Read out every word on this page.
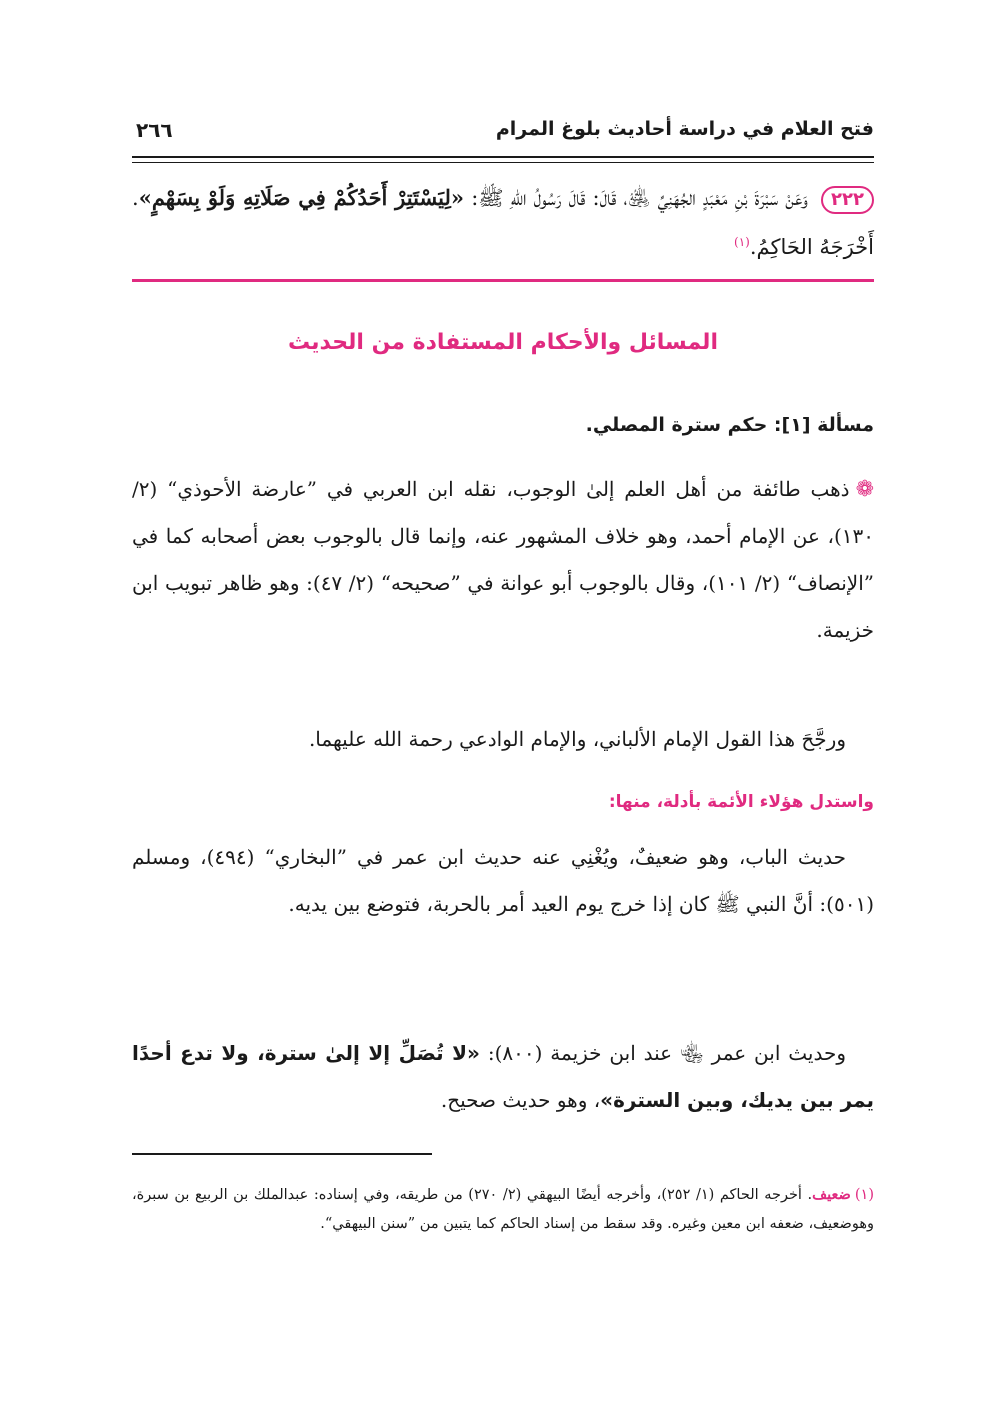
فتح العلام في دراسة أحاديث بلوغ المرام
٢٦٦
٢٢٢ وَعَنْ سَبْرَةَ بْنِ مَعْبَدٍ الجُهَنِيِّ ﵁، قَالَ: قَالَ رَسُولُ اللهِ ﷺ: «لِيَسْتَتِرْ أَحَدُكُمْ فِي صَلَاتِهِ وَلَوْ بِسَهْمٍ». أَخْرَجَهُ الحَاكِمُ.$^{(١)}$
المسائل والأحكام المستفادة من الحديث
مسألة [١]: حكم سترة المصلي.
❁ذهب طائفة من أهل العلم إلىٰ الوجوب، نقله ابن العربي في ”عارضة الأحوذي“ (٢/ ١٣٠)، عن الإمام أحمد، وهو خلاف المشهور عنه، وإنما قال بالوجوب بعض أصحابه كما في ”الإنصاف“ (٢/ ١٠١)، وقال بالوجوب أبو عوانة في ”صحيحه“ (٢/ ٤٧): وهو ظاهر تبويب ابن خزيمة.
ورجَّحَ هذا القول الإمام الألباني، والإمام الوادعي رحمة الله عليهما.
واستدل هؤلاء الأئمة بأدلة، منها:
حديث الباب، وهو ضعيفٌ، ويُغْنِي عنه حديث ابن عمر في ”البخاري“ (٤٩٤)، ومسلم (٥٠١): أنَّ النبي ﷺ كان إذا خرج يوم العيد أمر بالحربة، فتوضع بين يديه.
وحديث ابن عمر ﵄ عند ابن خزيمة (٨٠٠): «لا تُصَلِّ إلا إلىٰ سترة، ولا تدع أحدًا يمر بين يديك، وبين السترة»، وهو حديث صحيح.
(١)ضعيف. أخرجه الحاكم (١/ ٢٥٢)، وأخرجه أيضًا البيهقي (٢/ ٢٧٠) من طريقه، وفي إسناده: عبدالملك بن الربيع بن سبرة، وهوضعيف، ضعفه ابن معين وغيره. وقد سقط من إسناد الحاكم كما يتبين من ”سنن البيهقي“.
